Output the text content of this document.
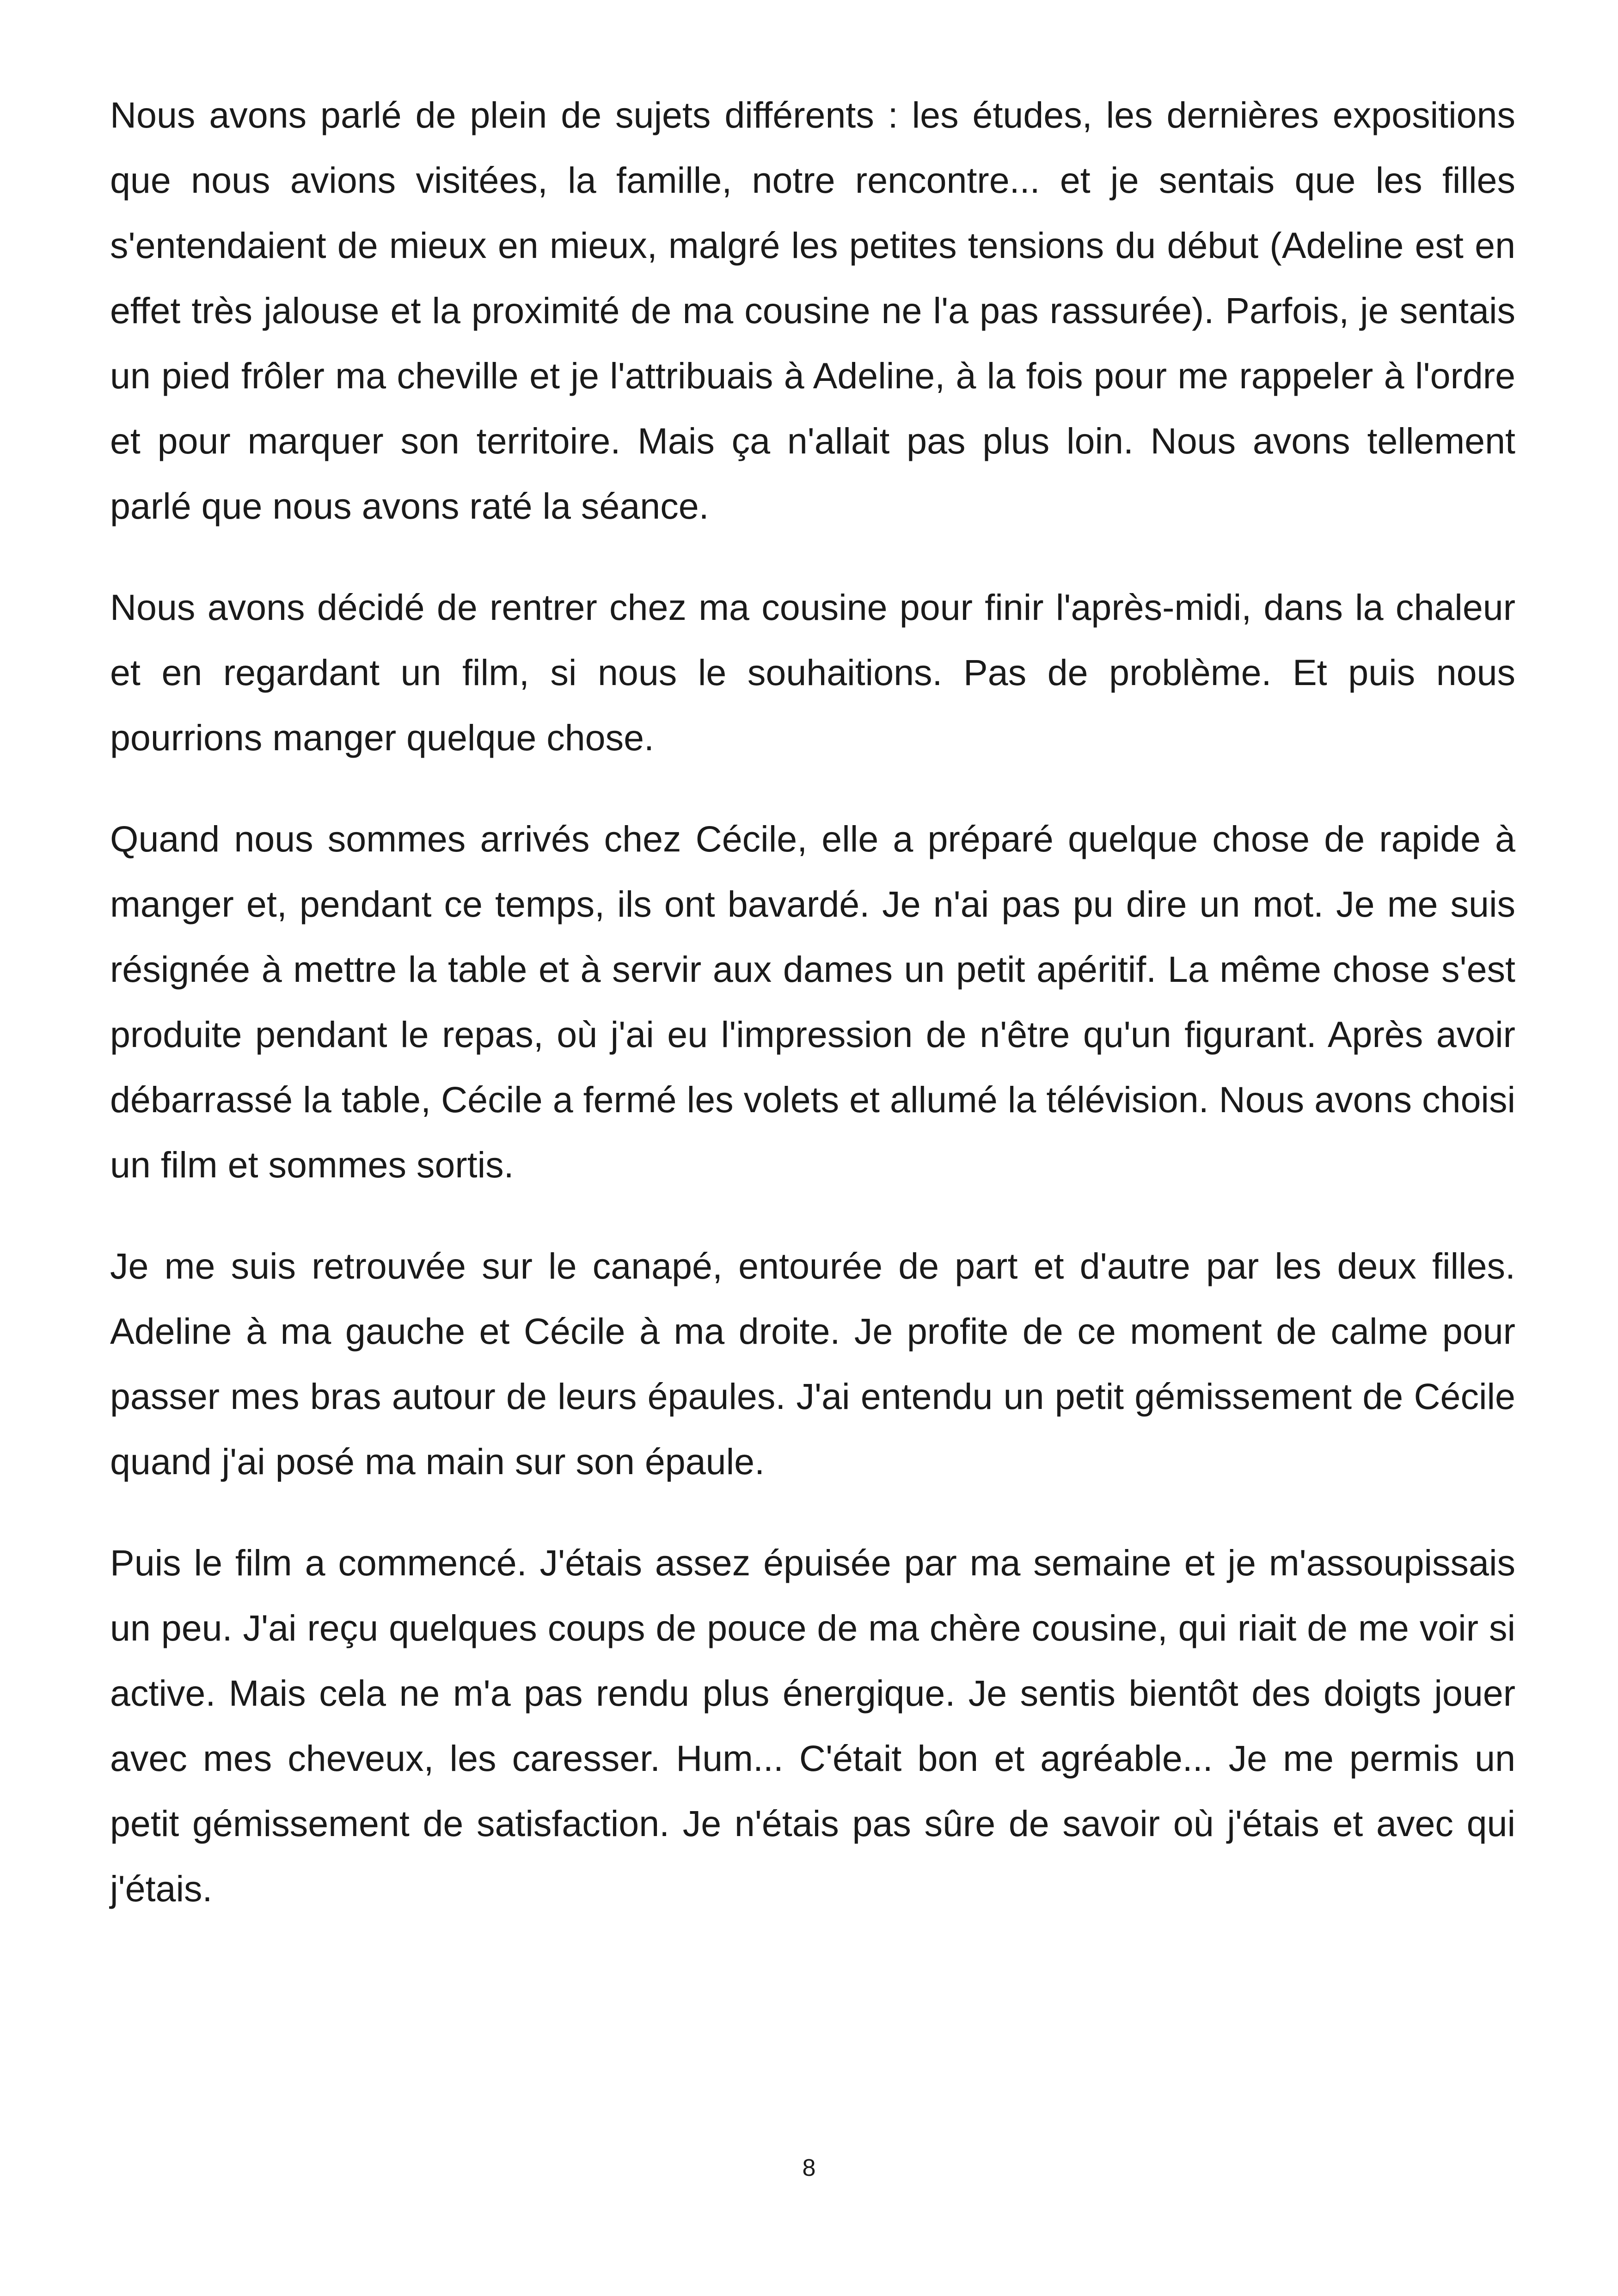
Nous avons parlé de plein de sujets différents : les études, les dernières expositions que nous avions visitées, la famille, notre rencontre... et je sentais que les filles s'entendaient de mieux en mieux, malgré les petites tensions du début (Adeline est en effet très jalouse et la proximité de ma cousine ne l'a pas rassurée). Parfois, je sentais un pied frôler ma cheville et je l'attribuais à Adeline, à la fois pour me rappeler à l'ordre et pour marquer son territoire. Mais ça n'allait pas plus loin. Nous avons tellement parlé que nous avons raté la séance.

Nous avons décidé de rentrer chez ma cousine pour finir l'après-midi, dans la chaleur et en regardant un film, si nous le souhaitions. Pas de problème. Et puis nous pourrions manger quelque chose.

Quand nous sommes arrivés chez Cécile, elle a préparé quelque chose de rapide à manger et, pendant ce temps, ils ont bavardé. Je n'ai pas pu dire un mot. Je me suis résignée à mettre la table et à servir aux dames un petit apéritif. La même chose s'est produite pendant le repas, où j'ai eu l'impression de n'être qu'un figurant. Après avoir débarrassé la table, Cécile a fermé les volets et allumé la télévision. Nous avons choisi un film et sommes sortis.

Je me suis retrouvée sur le canapé, entourée de part et d'autre par les deux filles. Adeline à ma gauche et Cécile à ma droite. Je profite de ce moment de calme pour passer mes bras autour de leurs épaules. J'ai entendu un petit gémissement de Cécile quand j'ai posé ma main sur son épaule.

Puis le film a commencé. J'étais assez épuisée par ma semaine et je m'assoupissais un peu. J'ai reçu quelques coups de pouce de ma chère cousine, qui riait de me voir si active. Mais cela ne m'a pas rendu plus énergique. Je sentis bientôt des doigts jouer avec mes cheveux, les caresser. Hum... C'était bon et agréable... Je me permis un petit gémissement de satisfaction. Je n'étais pas sûre de savoir où j'étais et avec qui j'étais.

8
